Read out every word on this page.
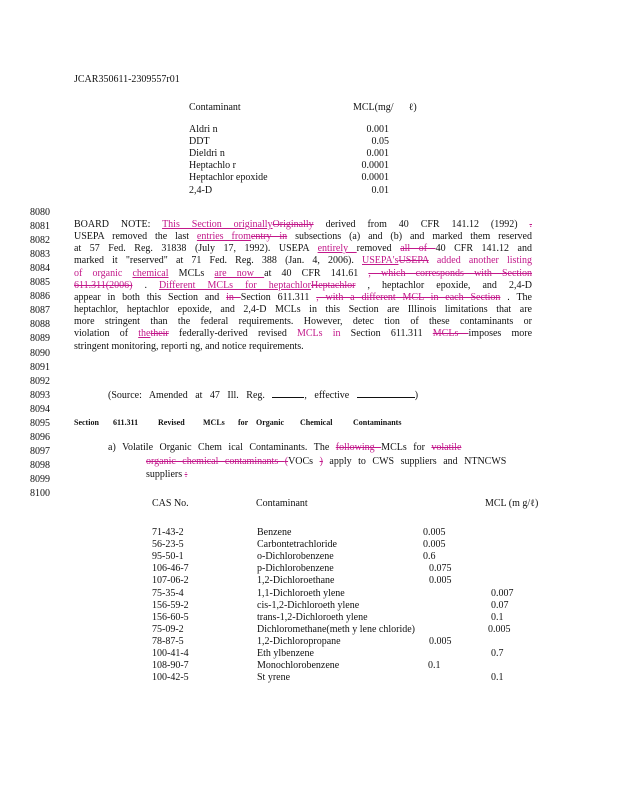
JCAR350611-2309557r01
Contaminant	MCL(mg/ ℓ)
Aldri n	0.001
DDT	0.05
Dieldri n	0.001
Heptachlo r	0.0001
Heptachlor epoxide	0.0001
2,4-D	0.01
8080
8081
8082
8083
8084
8085
8086
8087
8088
8089
8090
8091
8092
8093
8094
8095
8096
8097
8098
8099
8100
BOARD NOTE: This Section originallyOriginally derived from 40 CFR 141.12 (1992) .
USEPA removed the last entries fromentry in subsections (a) and (b) and marked them reserved
at 57 Fed. Reg. 31838 (July 17, 1992). USEPA entirely removed all of 40 CFR 141.12 and
marked it "reserved" at 71 Fed. Reg. 388 (Jan. 4, 2006). USEPA'sUSEPA added another listing
of organic chemical MCLs are now at 40 CFR 141.61 , which corresponds with Section
611.311(2006) . Different MCLs for heptachlorHeptachlor , heptachlor epoxide, and 2,4-D
appear in both this Section and in Section 611.311 , with a different MCL in each Section . The
heptachlor, heptachlor epoxide, and 2,4-D MCLs in this Section are Illinois limitations that are
more stringent than the federal requirements. However, detec tion of these contaminants or
violation of thetheir federally-derived revised MCLs in Section 611.311 MCLs imposes more
stringent monitoring, reporti ng, and notice requirements.
(Source: Amended at 47 Ill. Reg.	, effective	)
Section 611.311 Revised MCLs for Organic Chemical	Contaminants
a) Volatile Organic Chem ical Contaminants. The following MCLs for volatile
organic chemical contaminants (VOCs ) apply to CWS suppliers and NTNCWS
suppliers :
CAS No.	Contaminant	MCL (m g/ℓ)
71-43-2	Benzene	0.005
56-23-5	Carbontetrachloride	0.005
95-50-1	o-Dichlorobenzene	0.6
106-46-7	p-Dichlorobenzene	0.075
107-06-2	1,2-Dichloroethane	0.005
75-35-4	1,1-Dichloroeth ylene	0.007
156-59-2	cis-1,2-Dichloroeth ylene	0.07
156-60-5	trans-1,2-Dichloroeth ylene	0.1
75-09-2	Dichloromethane(meth y lene chloride)	0.005
78-87-5	1,2-Dichloropropane	0.005
100-41-4	Eth ylbenzene	0.7
108-90-7	Monochlorobenzene	0.1
100-42-5	St yrene	0.1
